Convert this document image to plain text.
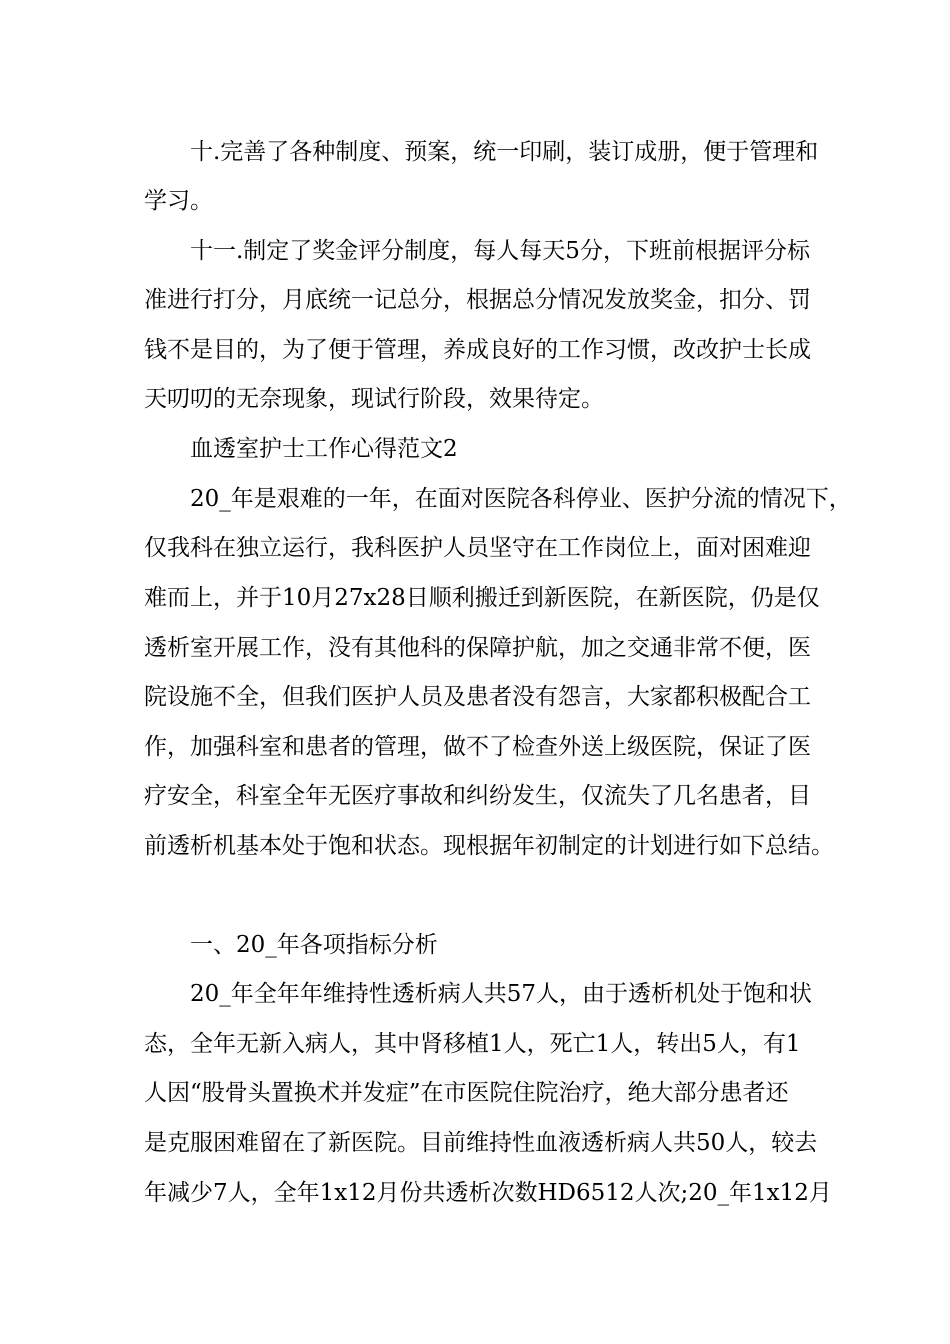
十.完善了各种制度、预案，统一印刷，装订成册，便于管理和

学习。

十一.制定了奖金评分制度，每人每天5分，下班前根据评分标

准进行打分，月底统一记总分，根据总分情况发放奖金，扣分、罚

钱不是目的，为了便于管理，养成良好的工作习惯，改改护士长成

天叨叨的无奈现象，现试行阶段，效果待定。

血透室护士工作心得范文2

20_年是艰难的一年，在面对医院各科停业、医护分流的情况下，

仅我科在独立运行，我科医护人员坚守在工作岗位上，面对困难迎

难而上，并于10月27x28日顺利搬迁到新医院，在新医院，仍是仅

透析室开展工作，没有其他科的保障护航，加之交通非常不便，医

院设施不全，但我们医护人员及患者没有怨言，大家都积极配合工

作，加强科室和患者的管理，做不了检查外送上级医院，保证了医

疗安全，科室全年无医疗事故和纠纷发生，仅流失了几名患者，目

前透析机基本处于饱和状态。现根据年初制定的计划进行如下总结。

一、20_年各项指标分析

20_年全年年维持性透析病人共57人，由于透析机处于饱和状

态，全年无新入病人，其中肾移植1人，死亡1人，转出5人，有1

人因“股骨头置换术并发症”在市医院住院治疗，绝大部分患者还

是克服困难留在了新医院。目前维持性血液透析病人共50人，较去

年减少7人，全年1x12月份共透析次数HD6512人次;20_年1x12月
